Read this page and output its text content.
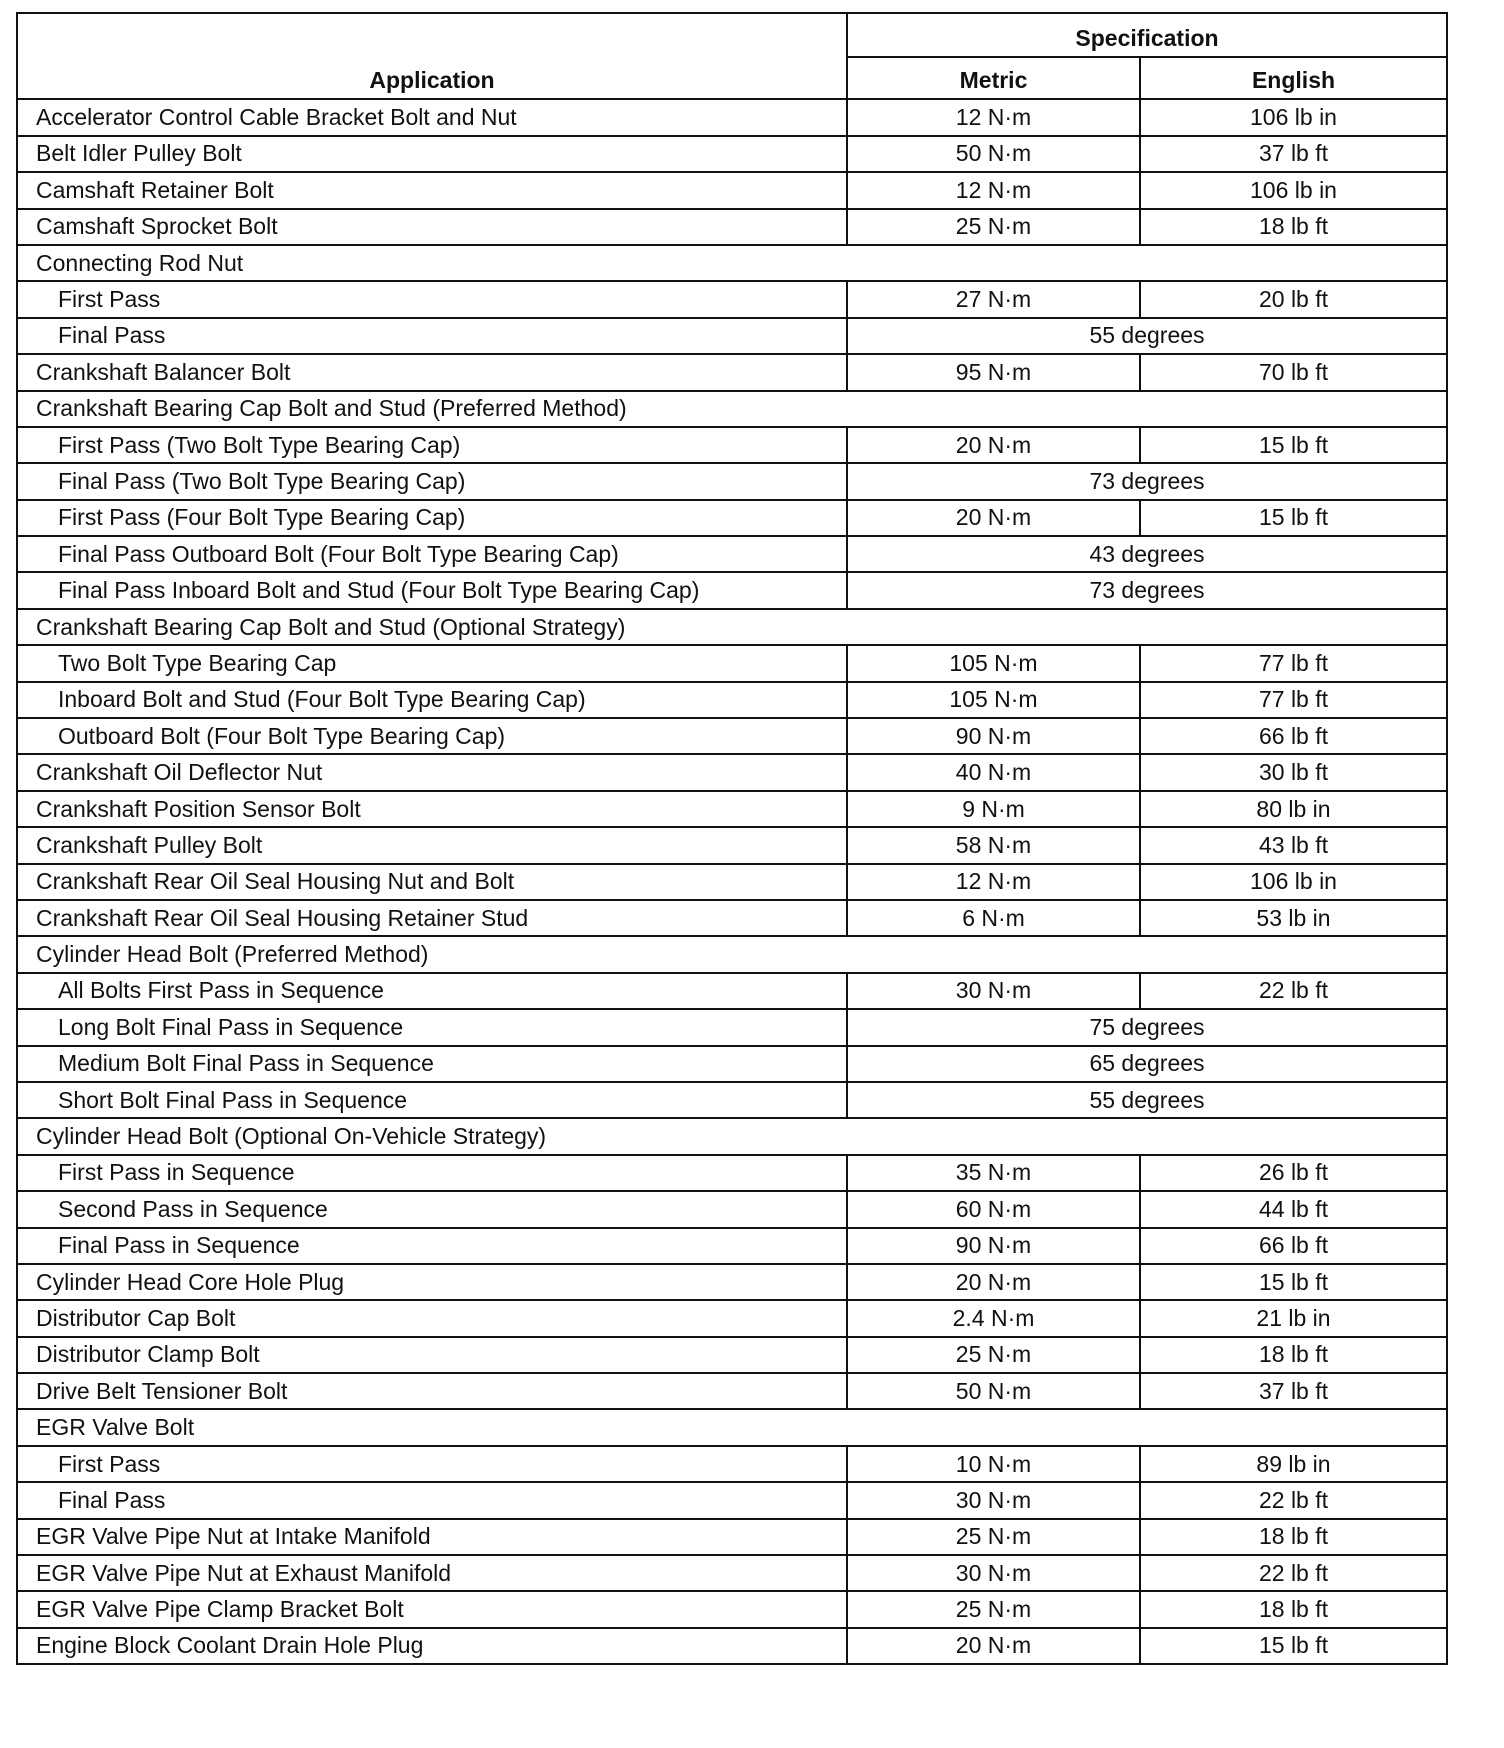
Application	Specification	
	Metric	English
Accelerator Control Cable Bracket Bolt and Nut	12 N·m	106 lb in
Belt Idler Pulley Bolt	50 N·m	37 lb ft
Camshaft Retainer Bolt	12 N·m	106 lb in
Camshaft Sprocket Bolt	25 N·m	18 lb ft
Connecting Rod Nut		
First Pass	27 N·m	20 lb ft
Final Pass	55 degrees	
Crankshaft Balancer Bolt	95 N·m	70 lb ft
Crankshaft Bearing Cap Bolt and Stud (Preferred Method)		
First Pass (Two Bolt Type Bearing Cap)	20 N·m	15 lb ft
Final Pass (Two Bolt Type Bearing Cap)	73 degrees	
First Pass (Four Bolt Type Bearing Cap)	20 N·m	15 lb ft
Final Pass Outboard Bolt (Four Bolt Type Bearing Cap)	43 degrees	
Final Pass Inboard Bolt and Stud (Four Bolt Type Bearing Cap)	73 degrees	
Crankshaft Bearing Cap Bolt and Stud (Optional Strategy)		
Two Bolt Type Bearing Cap	105 N·m	77 lb ft
Inboard Bolt and Stud (Four Bolt Type Bearing Cap)	105 N·m	77 lb ft
Outboard Bolt (Four Bolt Type Bearing Cap)	90 N·m	66 lb ft
Crankshaft Oil Deflector Nut	40 N·m	30 lb ft
Crankshaft Position Sensor Bolt	9 N·m	80 lb in
Crankshaft Pulley Bolt	58 N·m	43 lb ft
Crankshaft Rear Oil Seal Housing Nut and Bolt	12 N·m	106 lb in
Crankshaft Rear Oil Seal Housing Retainer Stud	6 N·m	53 lb in
Cylinder Head Bolt (Preferred Method)		
All Bolts First Pass in Sequence	30 N·m	22 lb ft
Long Bolt Final Pass in Sequence	75 degrees	
Medium Bolt Final Pass in Sequence	65 degrees	
Short Bolt Final Pass in Sequence	55 degrees	
Cylinder Head Bolt (Optional On-Vehicle Strategy)		
First Pass in Sequence	35 N·m	26 lb ft
Second Pass in Sequence	60 N·m	44 lb ft
Final Pass in Sequence	90 N·m	66 lb ft
Cylinder Head Core Hole Plug	20 N·m	15 lb ft
Distributor Cap Bolt	2.4 N·m	21 lb in
Distributor Clamp Bolt	25 N·m	18 lb ft
Drive Belt Tensioner Bolt	50 N·m	37 lb ft
EGR Valve Bolt		
First Pass	10 N·m	89 lb in
Final Pass	30 N·m	22 lb ft
EGR Valve Pipe Nut at Intake Manifold	25 N·m	18 lb ft
EGR Valve Pipe Nut at Exhaust Manifold	30 N·m	22 lb ft
EGR Valve Pipe Clamp Bracket Bolt	25 N·m	18 lb ft
Engine Block Coolant Drain Hole Plug	20 N·m	15 lb ft
